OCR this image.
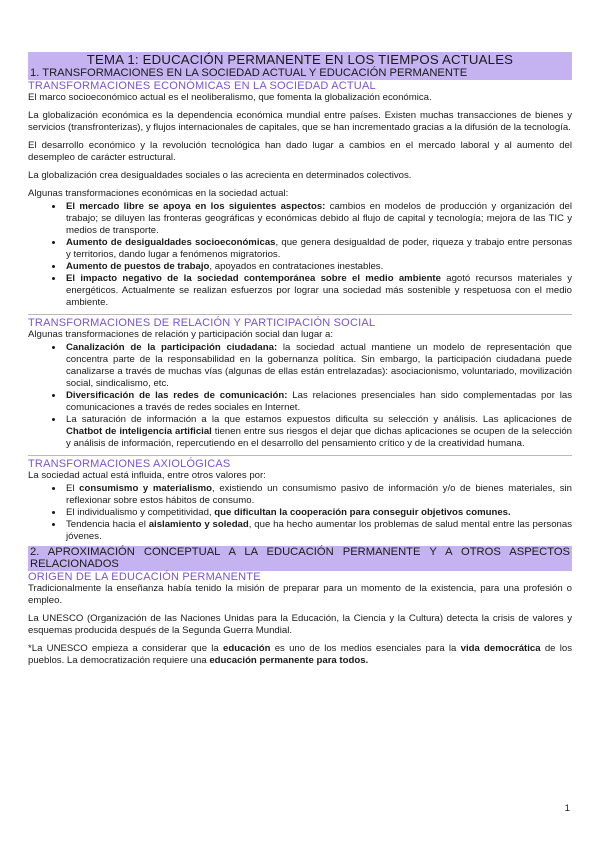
TEMA 1: EDUCACIÓN PERMANENTE EN LOS TIEMPOS ACTUALES
1. TRANSFORMACIONES EN LA SOCIEDAD ACTUAL Y EDUCACIÓN PERMANENTE
TRANSFORMACIONES ECONÓMICAS EN LA SOCIEDAD ACTUAL

El marco socioeconómico actual es el neoliberalismo, que fomenta la globalización económica.

La globalización económica es la dependencia económica mundial entre países. Existen muchas transacciones de bienes y servicios (transfronterizas), y flujos internacionales de capitales, que se han incrementado gracias a la difusión de la tecnología.

El desarrollo económico y la revolución tecnológica han dado lugar a cambios en el mercado laboral y al aumento del desempleo de carácter estructural.

La globalización crea desigualdades sociales o las acrecienta en determinados colectivos.

Algunas transformaciones económicas en la sociedad actual:

• El mercado libre se apoya en los siguientes aspectos: cambios en modelos de producción y organización del trabajo; se diluyen las fronteras geográficas y económicas debido al flujo de capital y tecnología; mejora de las TIC y medios de transporte.
• Aumento de desigualdades socioeconómicas, que genera desigualdad de poder, riqueza y trabajo entre personas y territorios, dando lugar a fenómenos migratorios.
• Aumento de puestos de trabajo, apoyados en contrataciones inestables.
• El impacto negativo de la sociedad contemporánea sobre el medio ambiente agotó recursos materiales y energéticos. Actualmente se realizan esfuerzos por lograr una sociedad más sostenible y respetuosa con el medio ambiente.
TRANSFORMACIONES DE RELACIÓN Y PARTICIPACIÓN SOCIAL

Algunas transformaciones de relación y participación social dan lugar a:

• Canalización de la participación ciudadana: la sociedad actual mantiene un modelo de representación que concentra parte de la responsabilidad en la gobernanza política. Sin embargo, la participación ciudadana puede canalizarse a través de muchas vías (algunas de ellas están entrelazadas): asociacionismo, voluntariado, movilización social, sindicalismo, etc.
• Diversificación de las redes de comunicación: Las relaciones presenciales han sido complementadas por las comunicaciones a través de redes sociales en Internet.
• La saturación de información a la que estamos expuestos dificulta su selección y análisis. Las aplicaciones de Chatbot de inteligencia artificial tienen entre sus riesgos el dejar que dichas aplicaciones se ocupen de la selección y análisis de información, repercutiendo en el desarrollo del pensamiento crítico y de la creatividad humana.
TRANSFORMACIONES AXIOLÓGICAS

La sociedad actual está influida, entre otros valores por:

• El consumismo y materialismo, existiendo un consumismo pasivo de información y/o de bienes materiales, sin reflexionar sobre estos hábitos de consumo.
• El individualismo y competitividad, que dificultan la cooperación para conseguir objetivos comunes.
• Tendencia hacia el aislamiento y soledad, que ha hecho aumentar los problemas de salud mental entre las personas jóvenes.
2. APROXIMACIÓN CONCEPTUAL A LA EDUCACIÓN PERMANENTE Y A OTROS ASPECTOS RELACIONADOS
ORIGEN DE LA EDUCACIÓN PERMANENTE

Tradicionalmente la enseñanza había tenido la misión de preparar para un momento de la existencia, para una profesión o empleo.

La UNESCO (Organización de las Naciones Unidas para la Educación, la Ciencia y la Cultura) detecta la crisis de valores y esquemas producida después de la Segunda Guerra Mundial.

*La UNESCO empieza a considerar que la educación es uno de los medios esenciales para la vida democrática de los pueblos. La democratización requiere una educación permanente para todos.

1
